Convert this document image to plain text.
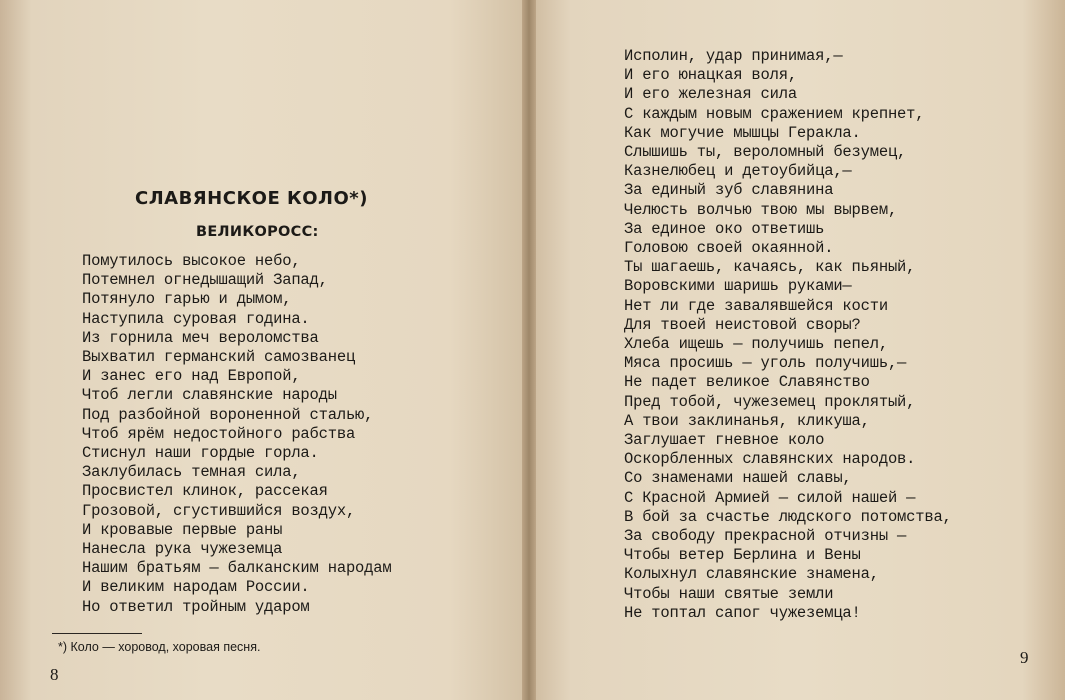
СЛАВЯНСКОЕ КОЛО*)
ВЕЛИКОРОСС:
Помутилось высокое небо,
Потемнел огнедышащий Запад,
Потянуло гарью и дымом,
Наступила суровая година.
Из горнила меч вероломства
Выхватил германский самозванец
И занес его над Европой,
Чтоб легли славянские народы
Под разбойной вороненной сталью,
Чтоб ярём недостойного рабства
Стиснул наши гордые горла.
Заклубилась темная сила,
Просвистел клинок, рассекая
Грозовой, сгустившийся воздух,
И кровавые первые раны
Нанесла рука чужеземца
Нашим братьям — балканским народам
И великим народам России.
Но ответил тройным ударом
*) Коло — хоровод, хоровая песня.
8
Исполин, удар принимая,—
И его юнацкая воля,
И его железная сила
С каждым новым сражением крепнет,
Как могучие мышцы Геракла.
Слышишь ты, вероломный безумец,
Казнелюбец и детоубийца,—
За единый зуб славянина
Челюсть волчью твою мы вырвем,
За единое око ответишь
Головою своей окаянной.
Ты шагаешь, качаясь, как пьяный,
Воровскими шаришь руками—
Нет ли где завалявшейся кости
Для твоей неистовой своры?
Хлеба ищешь — получишь пепел,
Мяса просишь — уголь получишь,—
Не падет великое Славянство
Пред тобой, чужеземец проклятый,
А твои заклинанья, кликуша,
Заглушает гневное коло
Оскорбленных славянских народов.
Со знаменами нашей славы,
С Красной Армией — силой нашей —
В бой за счастье людского потомства,
За свободу прекрасной отчизны —
Чтобы ветер Берлина и Вены
Колыхнул славянские знамена,
Чтобы наши святые земли
Не топтал сапог чужеземца!
9
